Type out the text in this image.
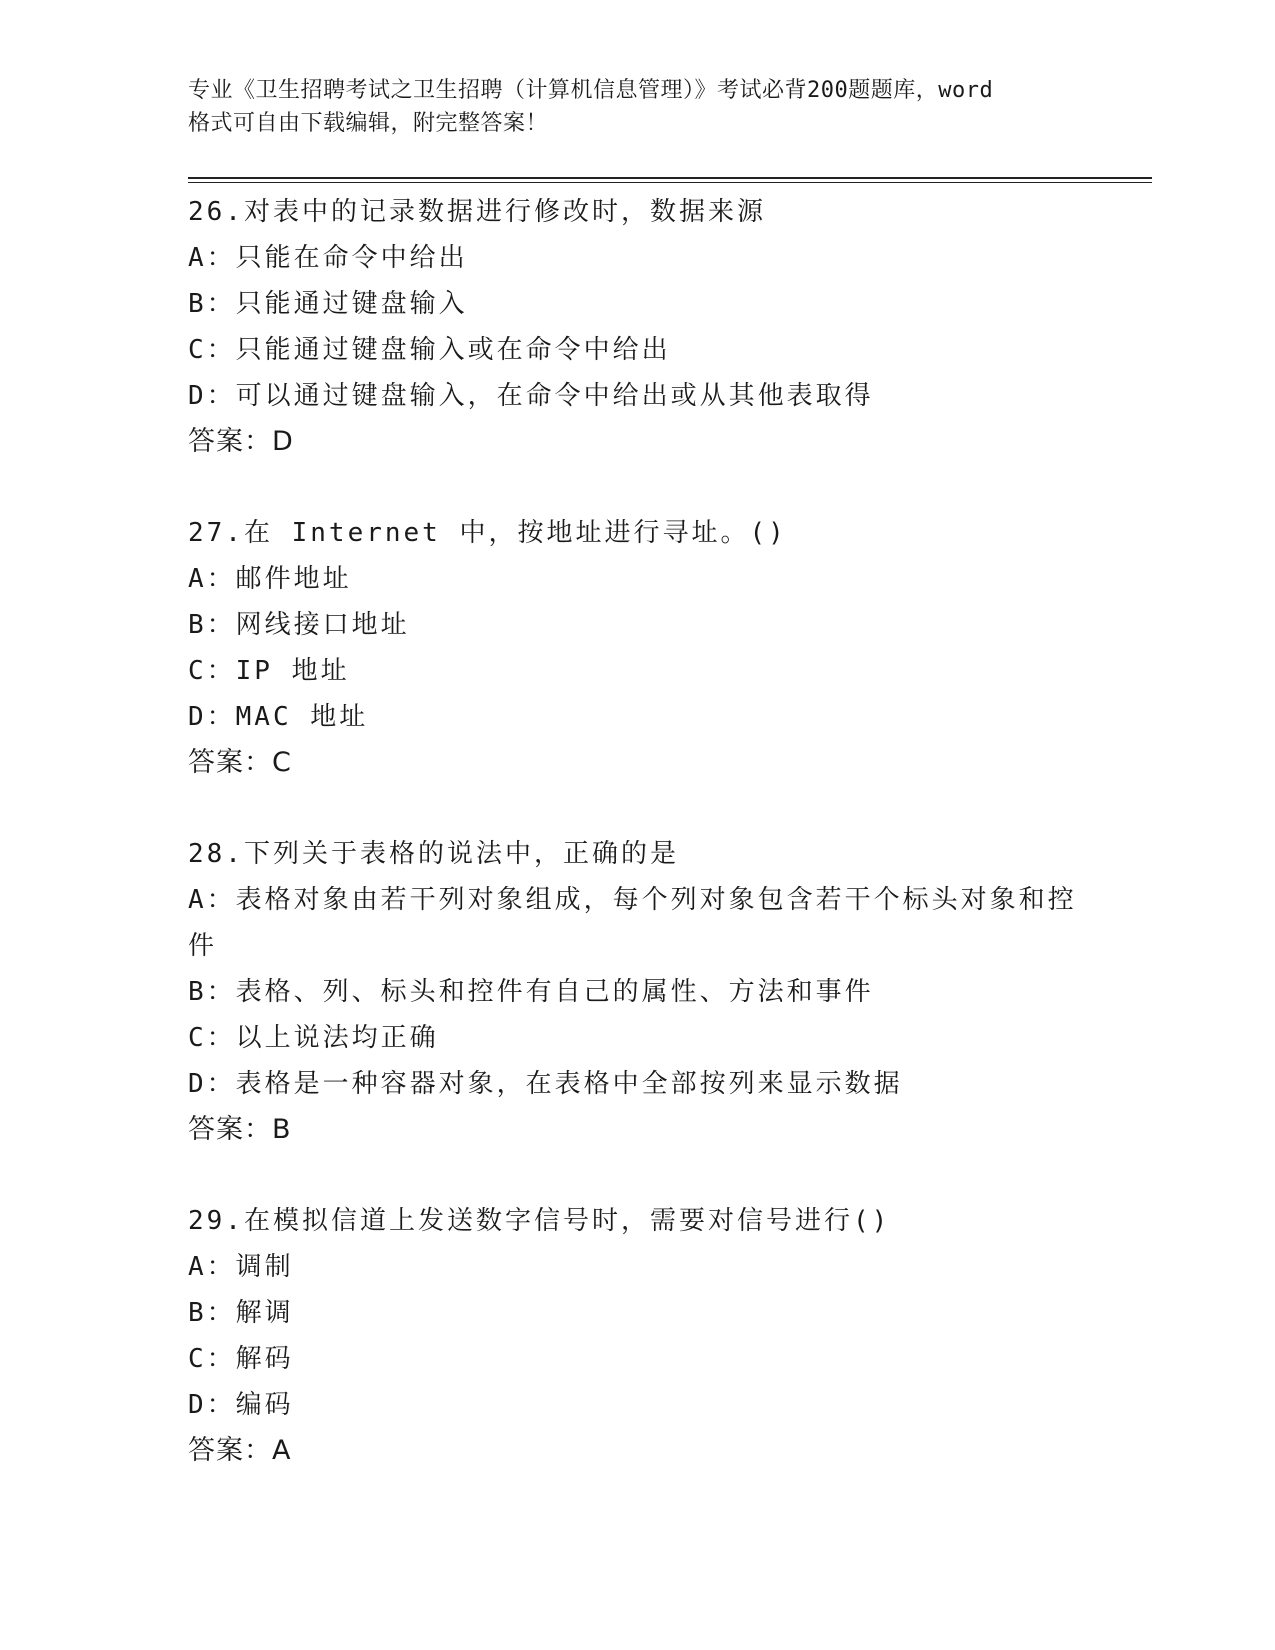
专业《卫生招聘考试之卫生招聘（计算机信息管理）》考试必背200题题库，word
格式可自由下载编辑，附完整答案！
26.对表中的记录数据进行修改时，数据来源
A：只能在命令中给出
B：只能通过键盘输入
C：只能通过键盘输入或在命令中给出
D：可以通过键盘输入，在命令中给出或从其他表取得
答案：D
27.在 Internet 中，按地址进行寻址。()
A：邮件地址
B：网线接口地址
C：IP 地址
D：MAC 地址
答案：C
28.下列关于表格的说法中，正确的是
A：表格对象由若干列对象组成，每个列对象包含若干个标头对象和控件
B：表格、列、标头和控件有自己的属性、方法和事件
C：以上说法均正确
D：表格是一种容器对象，在表格中全部按列来显示数据
答案：B
29.在模拟信道上发送数字信号时，需要对信号进行()
A：调制
B：解调
C：解码
D：编码
答案：A
